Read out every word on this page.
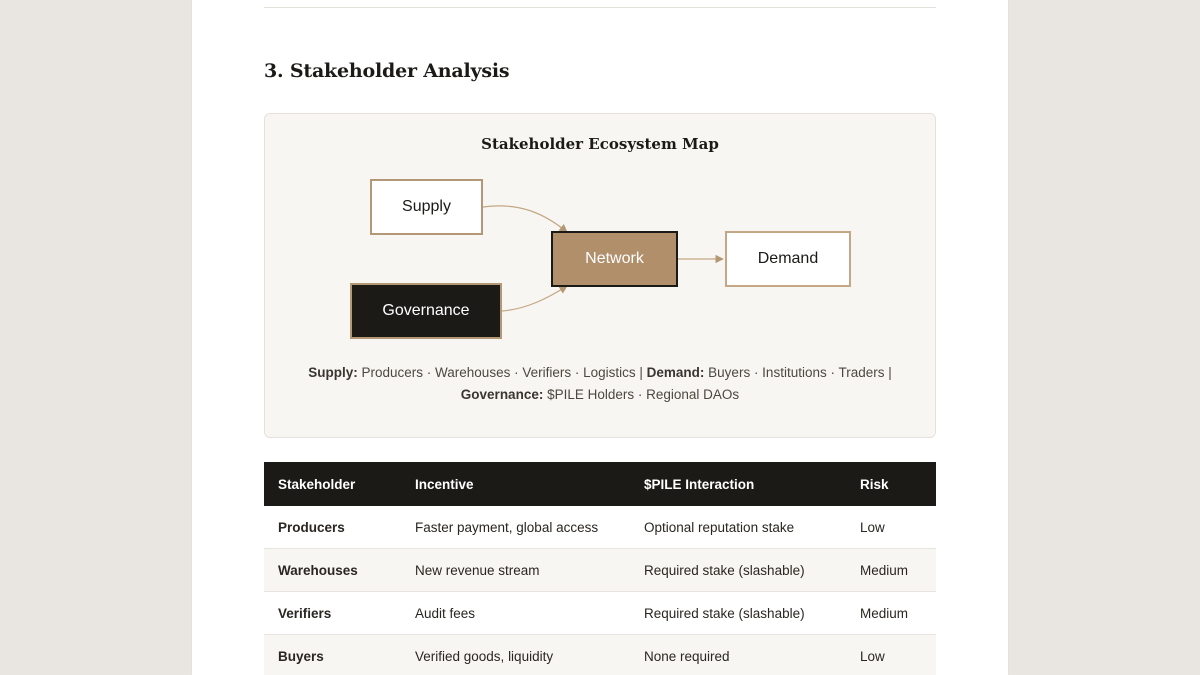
3. Stakeholder Analysis
Stakeholder Ecosystem Map
Supply
Network	Demand
Governance
Supply: Producers · Warehouses · Verifiers · Logistics | Demand: Buyers · Institutions · Traders |
Governance: $PILE Holders · Regional DAOs
Stakeholder	Incentive	$PILE Interaction	Risk
Producers	Faster payment, global access	Optional reputation stake	Low
Warehouses	New revenue stream	Required stake (slashable)	Medium
Verifiers	Audit fees	Required stake (slashable)	Medium
Buyers	Verified goods, liquidity	None required	Low
